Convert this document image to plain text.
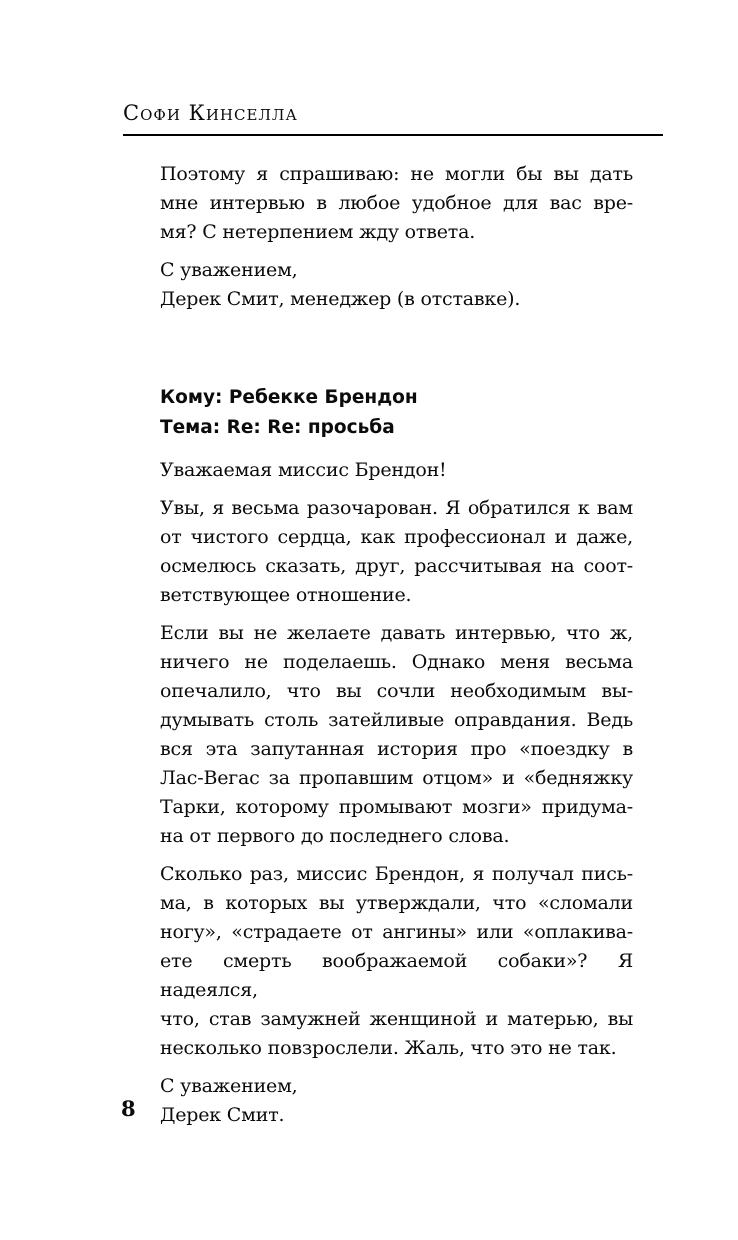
Софи Кинселла
Поэтому я спрашиваю: не могли бы вы дать
мне интервью в любое удобное для вас вре-
мя? С нетерпением жду ответа.
С уважением,
Дерек Смит, менеджер (в отставке).
Кому: Ребекке Брендон
Тема: Re: Re: просьба
Уважаемая миссис Брендон!
Увы, я весьма разочарован. Я обратился к вам
от чистого сердца, как профессионал и даже,
осмелюсь сказать, друг, рассчитывая на соот-
ветствующее отношение.
Если вы не желаете давать интервью, что ж,
ничего не поделаешь. Однако меня весьма
опечалило, что вы сочли необходимым вы-
думывать столь затейливые оправдания. Ведь
вся эта запутанная история про «поездку в
Лас-Вегас за пропавшим отцом» и «бедняжку
Тарки, которому промывают мозги» придума-
на от первого до последнего слова.
Сколько раз, миссис Брендон, я получал пись-
ма, в которых вы утверждали, что «сломали
ногу», «страдаете от ангины» или «оплакива-
ете смерть воображаемой собаки»? Я надеялся,
что, став замужней женщиной и матерью, вы
несколько повзрослели. Жаль, что это не так.
С уважением,
Дерек Смит.
8
